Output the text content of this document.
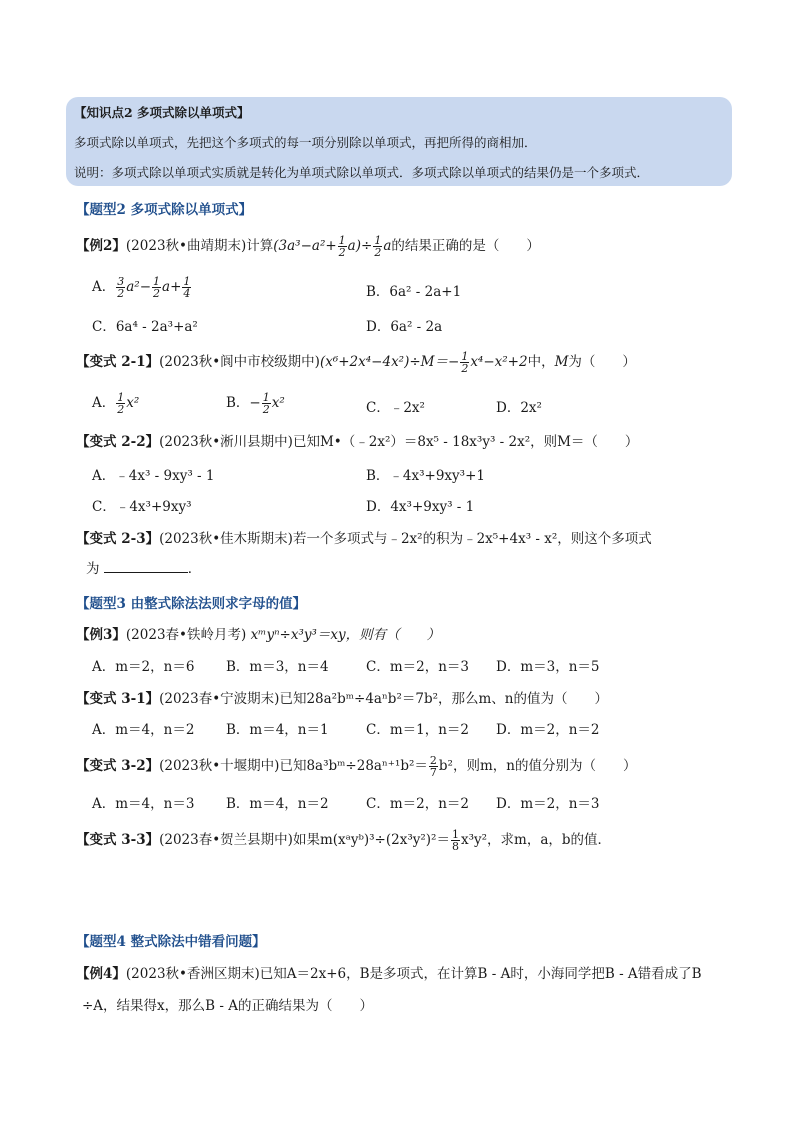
【知识点2 多项式除以单项式】
多项式除以单项式，先把这个多项式的每一项分别除以单项式，再把所得的商相加．
说明：多项式除以单项式实质就是转化为单项式除以单项式．多项式除以单项式的结果仍是一个多项式．
【题型2 多项式除以单项式】
【例2】(2023秋•曲靖期末)计算$(3a^3-a^2+ \frac{1}{2} a)\div \frac{1}{2}$ a的结果正确的是（　　）
A． $\frac{3}{2} a^2- \frac{1}{2} a+ \frac{1}{4}$	B．6a² - 2a+1
C．6a⁴ - 2a³+a²	D．6a² - 2a
【变式 2-1】(2023秋•阆中市校级期中)$(x^6+2x^4-4x^2)\div M=- \frac{1}{2} x^4-x^2+2$中，M为（　　）
A． $\frac{1}{2} x^2$	B．− $\frac{1}{2} x^2$	C．﹣2x²	D．2x²
【变式 2-2】(2023秋•淅川县期中)已知M•（﹣2x²）＝8x⁵ - 18x³y³ - 2x²，则M＝（　　）
A．﹣4x³ - 9xy³ - 1	B．﹣4x³+9xy³+1
C．﹣4x³+9xy³	D．4x³+9xy³ - 1
【变式 2-3】(2023秋•佳木斯期末)若一个多项式与﹣2x²的积为﹣2x⁵+4x³ - x²，则这个多项式
为	．
【题型3 由整式除法法则求字母的值】
【例3】(2023春•铁岭月考) xᵐyⁿ÷x³y³＝xy，则有（　　）
A．m＝2，n＝6 B．m＝3，n＝4	C．m＝2，n＝3 D．m＝3，n＝5
【变式 3-1】(2023春•宁波期末)已知28a²bᵐ÷4aⁿb²＝7b²，那么m、n的值为（　　）
A．m＝4，n＝2 B．m＝4，n＝1	C．m＝1，n＝2 D．m＝2，n＝2
【变式 3-2】(2023秋•十堰期中)已知8a³bᵐ÷28aⁿ⁺¹b²＝ $\frac{2}{7} b^2$，则m，n的值分别为（　　）
A．m＝4，n＝3 B．m＝4，n＝2	C．m＝2，n＝2 D．m＝2，n＝3
【变式 3-3】(2023春•贺兰县期中)如果m(xᵃyᵇ)³÷(2x³y²)²＝ $\frac{1}{8} x^3y^2$，求m，a，b的值．
【题型4 整式除法中错看问题】
【例4】(2023秋•香洲区期末)已知A＝2x+6，B是多项式，在计算B - A时，小海同学把B - A错看成了B
÷A，结果得x，那么B - A的正确结果为（　　）
